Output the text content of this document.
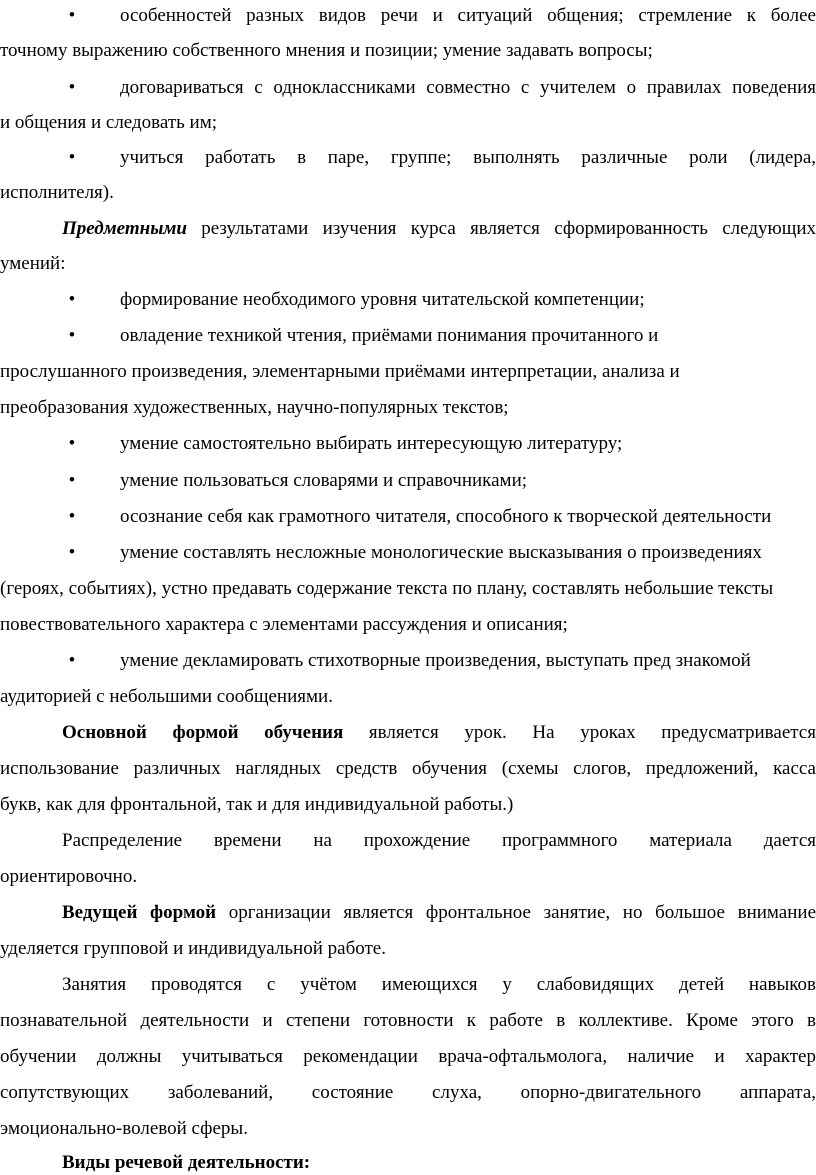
•	особенностей разных видов речи и ситуаций общения; стремление к более
точному выражению собственного мнения и позиции; умение задавать вопросы;
•	договариваться с одноклассниками совместно с учителем о правилах поведения
и общения и следовать им;
•	учиться работать в паре, группе; выполнять различные роли (лидера,
исполнителя).
Предметными результатами изучения курса является сформированность следующих
умений:
•	формирование необходимого уровня читательской компетенции;
•	овладение техникой чтения, приёмами понимания прочитанного и
прослушанного произведения, элементарными приёмами интерпретации, анализа и
преобразования художественных, научно-популярных текстов;
•	умение самостоятельно выбирать интересующую литературу;
•	умение пользоваться словарями и справочниками;
•	осознание себя как грамотного читателя, способного к творческой деятельности
•	умение составлять несложные монологические высказывания о произведениях
(героях, событиях), устно предавать содержание текста по плану, составлять небольшие тексты
повествовательного характера с элементами рассуждения и описания;
•	умение декламировать стихотворные произведения, выступать пред знакомой
аудиторией с небольшими сообщениями.
Основной формой обучения является урок. На уроках предусматривается
использование различных наглядных средств обучения (схемы слогов, предложений, касса
букв, как для фронтальной, так и для индивидуальной работы.)
Распределение времени на прохождение программного материала дается
ориентировочно.
Ведущей формой организации является фронтальное занятие, но большое внимание
уделяется групповой и индивидуальной работе.
Занятия проводятся с учётом имеющихся у слабовидящих детей навыков
познавательной деятельности и степени готовности к работе в коллективе. Кроме этого в
обучении должны учитываться рекомендации врача-офтальмолога, наличие и характер
сопутствующих заболеваний, состояние слуха, опорно-двигательного аппарата,
эмоционально-волевой сферы.
Виды речевой деятельности:
